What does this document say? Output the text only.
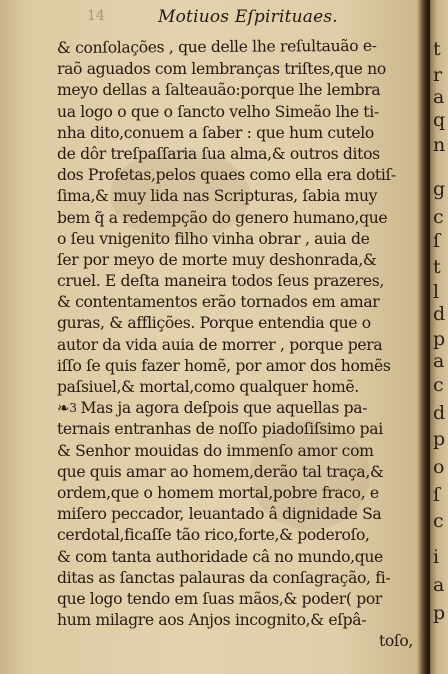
14	Motiuos Eſpirituaes.
& conſolações , que delle lhe reſultauão e-
raõ aguados com lembranças triſtes,que no
meyo dellas a ſalteauão:porque lhe lembra
ua logo o que o ſancto velho Simeão lhe ti-
nha dito,conuem a ſaber : que hum cutelo
de dôr treſpaſſaria ſua alma,& outros ditos
dos Profetas,pelos quaes como ella era dotiſ-
ſima,& muy lida nas Scripturas, ſabia muy
bem q̃ a redempção do genero humano,que
o ſeu vnigenito filho vinha obrar , auia de
ſer por meyo de morte muy deshonrada,&
cruel. E deſta maneira todos ſeus prazeres,
& contentamentos erão tornados em amar
guras, & afflições. Porque entendia que o
autor da vida auia de morrer , porque pera
iſſo ſe quis fazer homẽ, por amor dos homẽs
paſsiuel,& mortal,como qualquer homẽ.
❧3 Mas ja agora deſpois que aquellas pa-
ternais entranhas de noſſo piadoſiſsimo pai
& Senhor mouidas do immenſo amor com
que quis amar ao homem,derão tal traça,&
ordem,que o homem mortal,pobre fraco, e
miſero peccador, leuantado â dignidade Sa
cerdotal,ficaſſe tão rico,forte,& poderoſo,
& com tanta authoridade câ no mundo,que
ditas as ſanctas palauras da conſagração, fi-
que logo tendo em ſuas mãos,& poder( por
hum milagre aos Anjos incognito,& eſpâ-
toſo,
t
r
a
q
n
g
c
ſ
t
l
d
p
a
c
d
p
o
ſ
c
i
a
p
